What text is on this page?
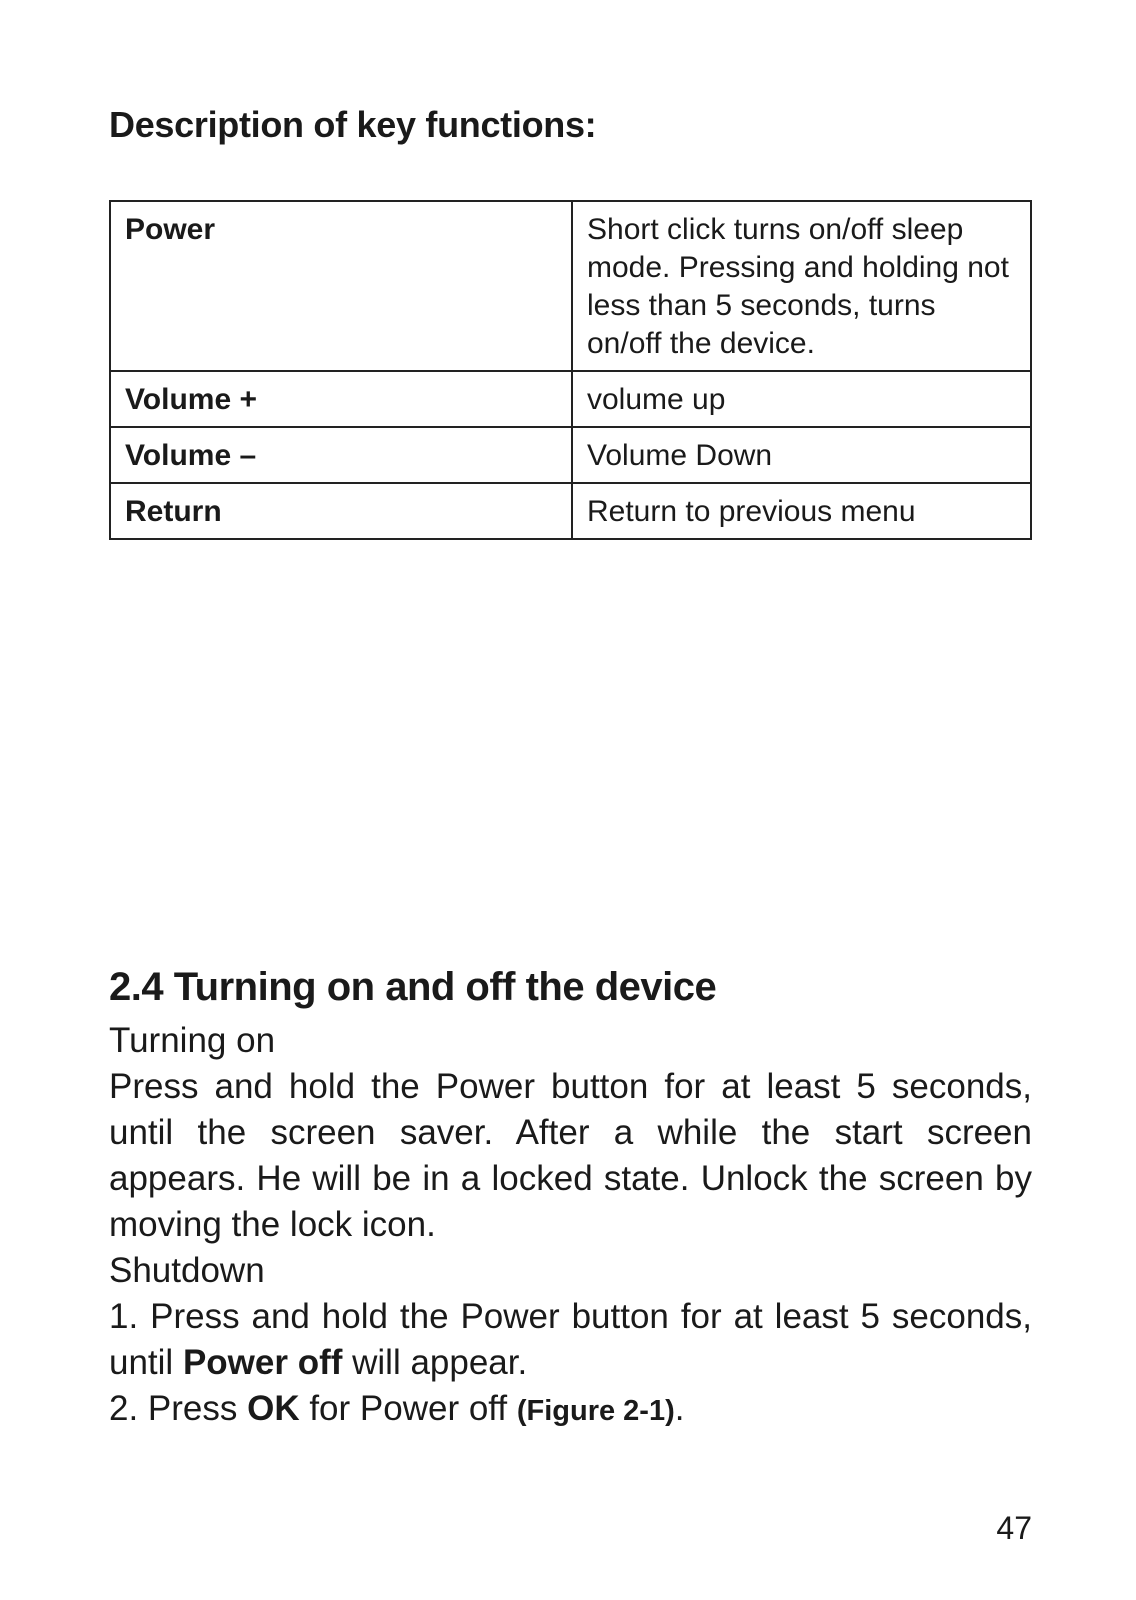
Description of key functions:
Power	Short click turns on/off sleep mode. Pressing and holding not less than 5 seconds, turns on/off the device.
Volume +	volume up
Volume –	Volume Down
Return	Return to previous menu
2.4 Turning on and off the device

Turning on

Press and hold the Power button for at least 5 seconds, until the screen saver. After a while the start screen appears. He will be in a locked state. Unlock the screen by moving the lock icon.

Shutdown

1. Press and hold the Power button for at least 5 seconds, until Power off will appear.

2. Press OK for Power off (Figure 2-1).

47
